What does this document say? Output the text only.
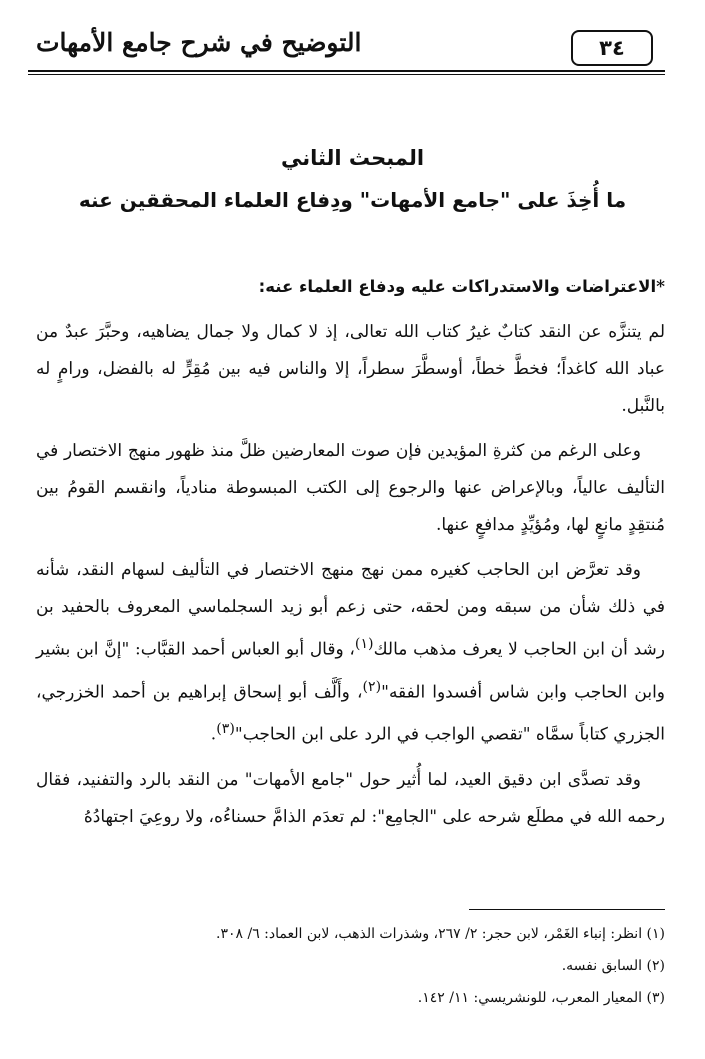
التوضيح في شرح جامع الأمهات	٣٤
المبحث الثاني
ما أُخِذَ على "جامع الأمهات" ودِفاع العلماء المحققين عنه

*الاعتراضات والاستدراكات عليه ودفاع العلماء عنه:

لم يتنزَّه عن النقد كتابٌ غيرُ كتاب الله تعالى، إذ لا كمال ولا جمال يضاهيه، وحبَّرَ عبدٌ من عباد الله كاغداً؛ فخطَّ خطاً، أوسطَّرَ سطراً، إلا والناس فيه بين مُقِرٍّ له بالفضل، ورامٍ له بالنَّبل.

وعلى الرغم من كثرةِ المؤيدين فإن صوت المعارضين ظلَّ منذ ظهور منهج الاختصار في التأليف عالياً، وبالإعراض عنها والرجوع إلى الكتب المبسوطة منادياً، وانقسم القومُ بين مُنتقِدٍ مانعٍ لها، ومُؤيِّدٍ مدافعٍ عنها.

وقد تعرَّض ابن الحاجب كغيره ممن نهج منهج الاختصار في التأليف لسهام النقد، شأنه في ذلك شأن من سبقه ومن لحقه، حتى زعم أبو زيد السجلماسي المعروف بالحفيد بن رشد أن ابن الحاجب لا يعرف مذهب مالك$^{(١)}$، وقال أبو العباس أحمد القبَّاب: "إنَّ ابن بشير وابن الحاجب وابن شاس أفسدوا الفقه"$^{(٢)}$، وأَلَّف أبو إسحاق إبراهيم بن أحمد الخزرجي، الجزري كتاباً سمَّاه "تقصي الواجب في الرد على ابن الحاجب"$^{(٣)}$.

وقد تصدَّى ابن دقيق العيد، لما أُثير حول "جامع الأمهات" من النقد بالرد والتفنيد، فقال رحمه الله في مطلَع شرحه على "الجامِع": لم تعدَم الذامَّ حسناءُه، ولا روعِيَ اجتهادُهُ

(١) انظر: إنباء الغَمْر، لابن حجر: ٢/ ٢٦٧، وشذرات الذهب، لابن العماد: ٦/ ٣٠٨.
(٢) السابق نفسه.
(٣) المعيار المعرب، للونشريسي: ١١/ ١٤٢.
